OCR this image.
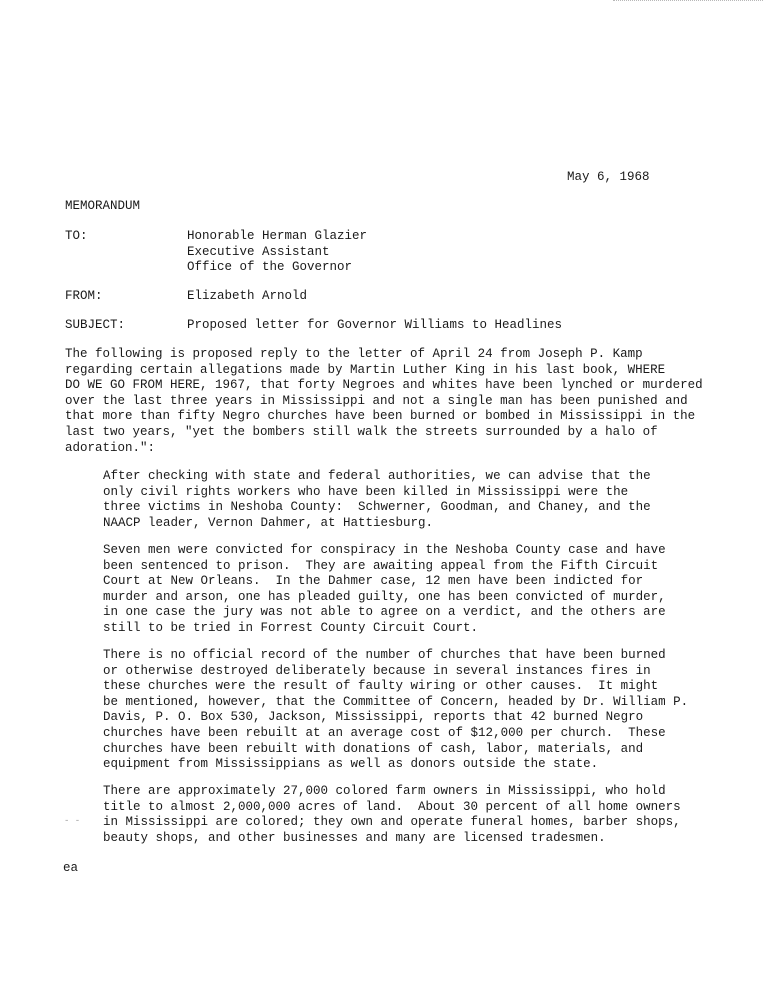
May 6, 1968
MEMORANDUM
TO:	Honorable Herman Glazier
Executive Assistant
Office of the Governor
FROM:	Elizabeth Arnold
SUBJECT:	Proposed letter for Governor Williams to Headlines
The following is proposed reply to the letter of April 24 from Joseph P. Kamp
regarding certain allegations made by Martin Luther King in his last book, WHERE
DO WE GO FROM HERE, 1967, that forty Negroes and whites have been lynched or murdered
over the last three years in Mississippi and not a single man has been punished and
that more than fifty Negro churches have been burned or bombed in Mississippi in the
last two years, "yet the bombers still walk the streets surrounded by a halo of
adoration.":
After checking with state and federal authorities, we can advise that the
only civil rights workers who have been killed in Mississippi were the
three victims in Neshoba County:  Schwerner, Goodman, and Chaney, and the
NAACP leader, Vernon Dahmer, at Hattiesburg.
Seven men were convicted for conspiracy in the Neshoba County case and have
been sentenced to prison.  They are awaiting appeal from the Fifth Circuit
Court at New Orleans.  In the Dahmer case, 12 men have been indicted for
murder and arson, one has pleaded guilty, one has been convicted of murder,
in one case the jury was not able to agree on a verdict, and the others are
still to be tried in Forrest County Circuit Court.
There is no official record of the number of churches that have been burned
or otherwise destroyed deliberately because in several instances fires in
these churches were the result of faulty wiring or other causes.  It might
be mentioned, however, that the Committee of Concern, headed by Dr. William P.
Davis, P. O. Box 530, Jackson, Mississippi, reports that 42 burned Negro
churches have been rebuilt at an average cost of $12,000 per church.  These
churches have been rebuilt with donations of cash, labor, materials, and
equipment from Mississippians as well as donors outside the state.
There are approximately 27,000 colored farm owners in Mississippi, who hold
title to almost 2,000,000 acres of land.  About 30 percent of all home owners
in Mississippi are colored; they own and operate funeral homes, barber shops,
beauty shops, and other businesses and many are licensed tradesmen.
- -
ea
